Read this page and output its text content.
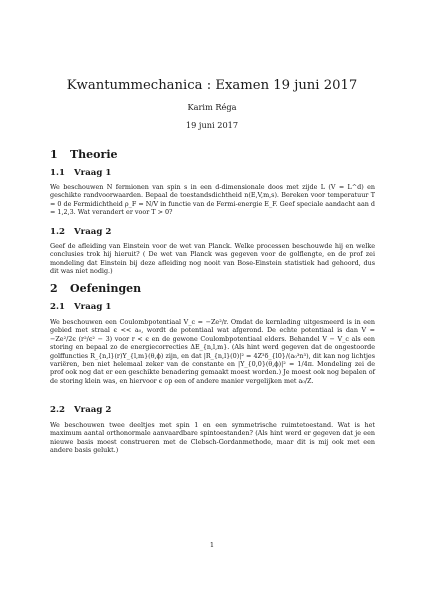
Kwantummechanica : Examen 19 juni 2017
Karim Réga
19 juni 2017
1 Theorie
1.1 Vraag 1

We beschouwen N fermionen van spin s in een d-dimensionale doos met zijde L (V = L^d) en geschikte randvoorwaarden. Bepaal de toestandsdichtheid n(E,V,m,s). Bereken voor temperatuur T = 0 de Fermidichtheid ρ_F = N/V in functie van de Fermi-energie E_F. Geef speciale aandacht aan d = 1,2,3. Wat verandert er voor T > 0?

1.2 Vraag 2

Geef de afleiding van Einstein voor de wet van Planck. Welke processen beschouwde hij en welke conclusies trok hij hieruit? ( De wet van Planck was gegeven voor de golflengte, en de prof zei mondeling dat Einstein bij deze afleiding nog nooit van Bose-Einstein statistiek had gehoord, dus dit was niet nodig.)

2 Oefeningen
2.1 Vraag 1

We beschouwen een Coulombpotentiaal V_c = −Ze²/r. Omdat de kernlading uitgesmeerd is in een gebied met straal ϵ << a₀, wordt de potentiaal wat afgerond. De echte potentiaal is dan V = −Ze²/2ϵ (r²/ϵ² − 3) voor r < ϵ en de gewone Coulombpotentiaal elders. Behandel V − V_c als een storing en bepaal zo de energiecorrecties ΔE_{n,l,m}. (Als hint werd gegeven dat de ongestoorde golffuncties R_{n,l}(r)Y_{l,m}(θ,ϕ) zijn, en dat |R_{n,l}(0)|² = 4Z³δ_{l0}/(a₀³n³), dit kan nog lichtjes variëren, ben niet helemaal zeker van de constante en |Y_{0,0}(θ,ϕ)|² = 1/4π. Mondeling zei de prof ook nog dat er een geschikte benadering gemaakt moest worden.) Je moest ook nog bepalen of de storing klein was, en hiervoor ϵ op een of andere manier vergelijken met a₀/Z.

2.2 Vraag 2

We beschouwen twee deeltjes met spin 1 en een symmetrische ruimtetoestand. Wat is het maximum aantal orthonormale aanvaardbare spintoestanden? (Als hint werd er gegeven dat je een nieuwe basis moest construeren met de Clebsch-Gordanmethode, maar dit is mij ook met een andere basis gelukt.)

1
